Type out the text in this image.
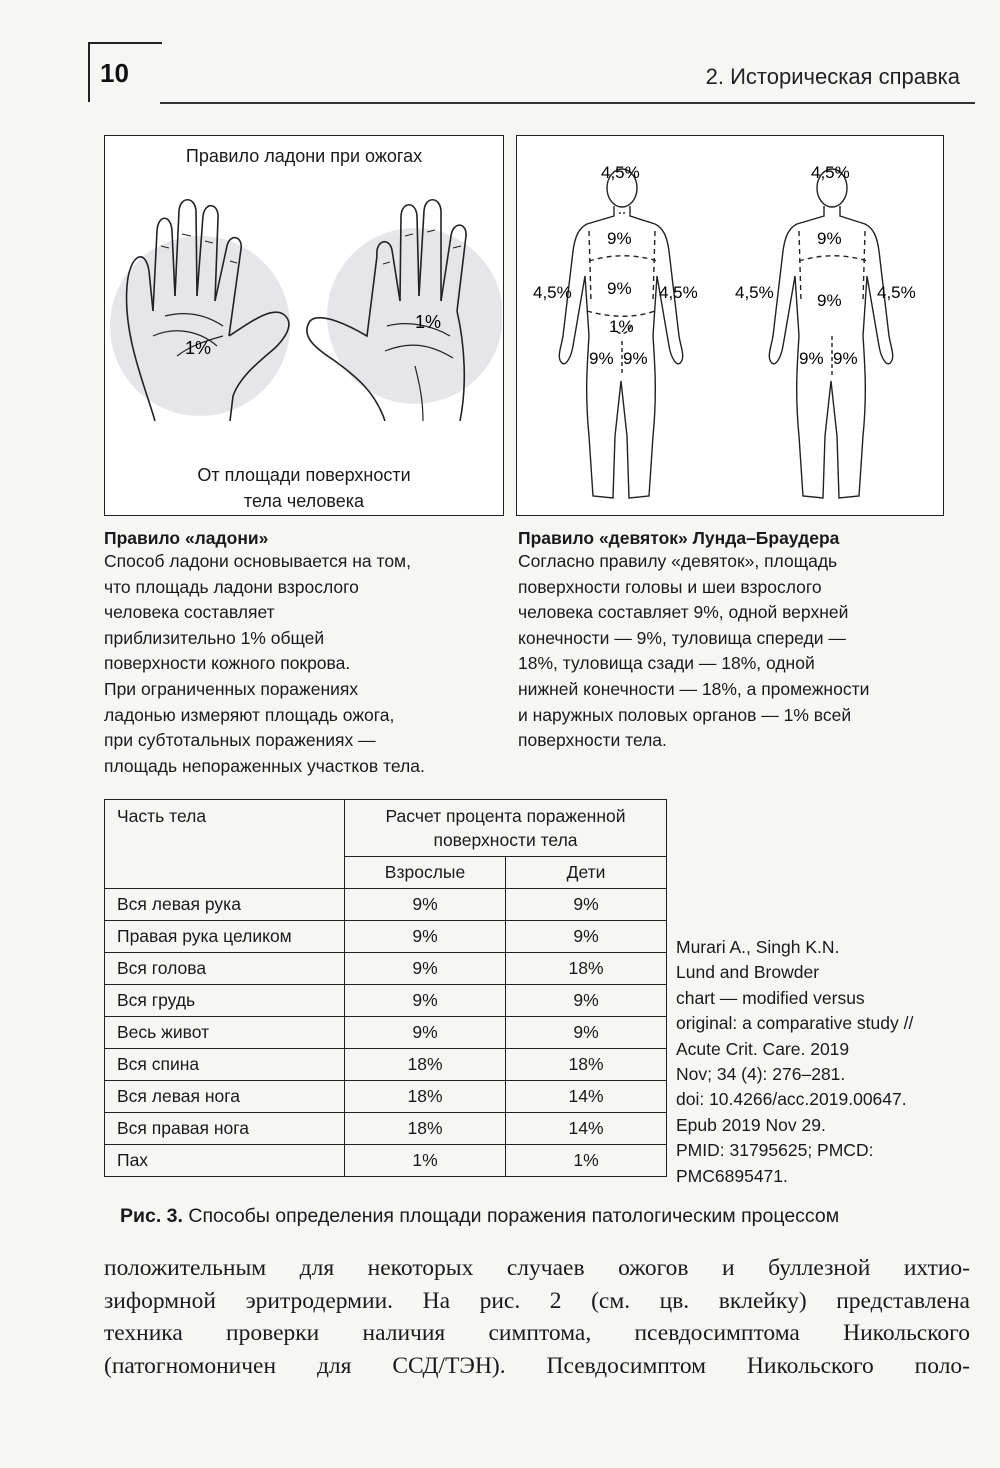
10	2. Историческая справка
1%
1%
Правило ладони при ожогах
От площади поверхности
тела человека
4,5%
9%
9%
4,5%	4,5%
1%
9% 9%
4,5%
9%
9%
4,5%	4,5%
9% 9%
Правило «ладони»
Способ ладони основывается на том,
что площадь ладони взрослого
человека составляет
приблизительно 1% общей
поверхности кожного покрова.
При ограниченных поражениях
ладонью измеряют площадь ожога,
при субтотальных поражениях —
площадь непораженных участков тела.
Правило «девяток» Лунда–Браудера
Согласно правилу «девяток», площадь
поверхности головы и шеи взрослого
человека составляет 9%, одной верхней
конечности — 9%, туловища спереди —
18%, туловища сзади — 18%, одной
нижней конечности — 18%, а промежности
и наружных половых органов — 1% всей
поверхности тела.
Часть тела	Расчет процента пораженной
поверхности тела	

	Взрослые	Дети
Вся левая рука	9%	9%
Правая рука целиком	9%	9%
Вся голова	9%	18%
Вся грудь	9%	9%
Весь живот	9%	9%
Вся спина	18%	18%
Вся левая нога	18%	14%
Вся правая нога	18%	14%
Пах	1%	1%
Murari A., Singh K.N.
Lund and Browder
chart — modified versus
original: a comparative study //
Acute Crit. Care. 2019
Nov; 34 (4): 276–281.
doi: 10.4266/acc.2019.00647.
Epub 2019 Nov 29.
PMID: 31795625; PMCD:
PMC6895471.
Рис. 3. Способы определения площади поражения патологическим процессом
положительным для некоторых случаев ожогов и буллезной ихтио-
зиформной эритродермии. На рис. 2 (см. цв. вклейку) представлена
техника проверки наличия симптома, псевдосимптома Никольского
(патогномоничен для ССД/ТЭН). Псевдосимптом Никольского поло-
